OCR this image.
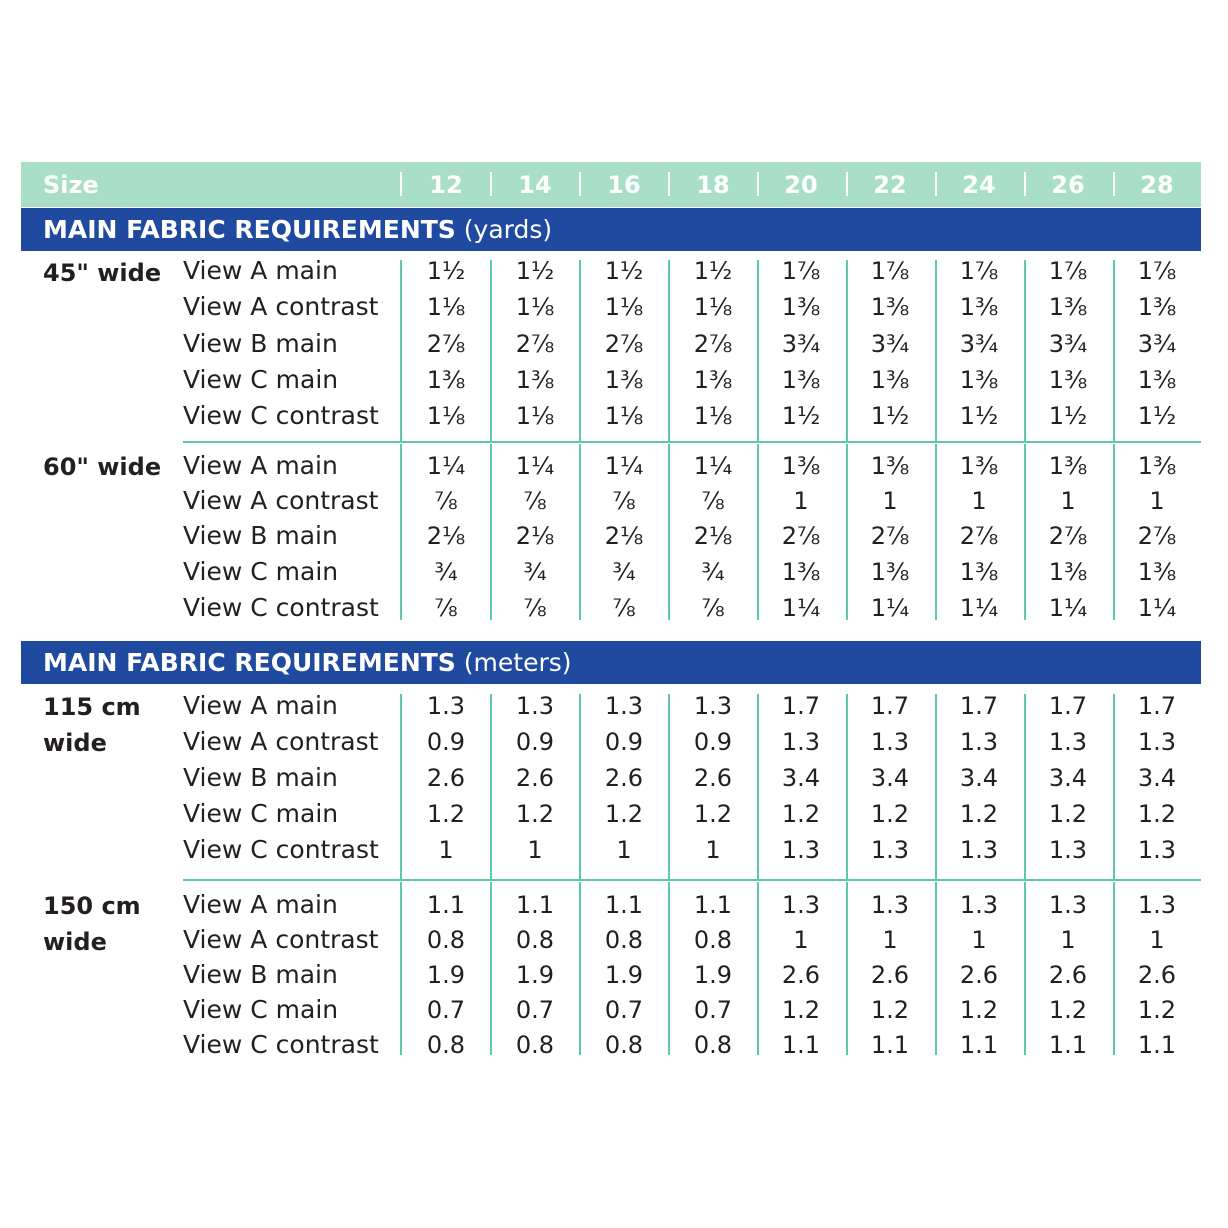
Size	12	14	16	18	20	22	24	26	28
MAIN FABRIC REQUIREMENTS (yards)
45" wide View A main	1½	1½	1½	1½	1⅞	1⅞	1⅞	1⅞	1⅞
View A contrast	1⅛	1⅛	1⅛	1⅛	1⅜	1⅜	1⅜	1⅜	1⅜
View B main	2⅞	2⅞	2⅞	2⅞	3¾	3¾	3¾	3¾	3¾
View C main	1⅜	1⅜	1⅜	1⅜	1⅜	1⅜	1⅜	1⅜	1⅜
View C contrast	1⅛	1⅛	1⅛	1⅛	1½	1½	1½	1½	1½
60" wide View A main	1¼	1¼	1¼	1¼	1⅜	1⅜	1⅜	1⅜	1⅜
View A contrast	⅞	⅞	⅞	⅞	1	1	1	1	1
View B main	2⅛	2⅛	2⅛	2⅛	2⅞	2⅞	2⅞	2⅞	2⅞
View C main	¾	¾	¾	¾	1⅜	1⅜	1⅜	1⅜	1⅜
View C contrast	⅞	⅞	⅞	⅞	1¼	1¼	1¼	1¼	1¼
MAIN FABRIC REQUIREMENTS (meters)
115 cm
wide
View A main	1.3	1.3	1.3	1.3	1.7	1.7	1.7	1.7	1.7
View A contrast	0.9	0.9	0.9	0.9	1.3	1.3	1.3	1.3	1.3
View B main	2.6	2.6	2.6	2.6	3.4	3.4	3.4	3.4	3.4
View C main	1.2	1.2	1.2	1.2	1.2	1.2	1.2	1.2	1.2
View C contrast	1	1	1	1	1.3	1.3	1.3	1.3	1.3
150 cm
wide
View A main	1.1	1.1	1.1	1.1	1.3	1.3	1.3	1.3	1.3
View A contrast	0.8	0.8	0.8	0.8	1	1	1	1	1
View B main	1.9	1.9	1.9	1.9	2.6	2.6	2.6	2.6	2.6
View C main	0.7	0.7	0.7	0.7	1.2	1.2	1.2	1.2	1.2
View C contrast	0.8	0.8	0.8	0.8	1.1	1.1	1.1	1.1	1.1
